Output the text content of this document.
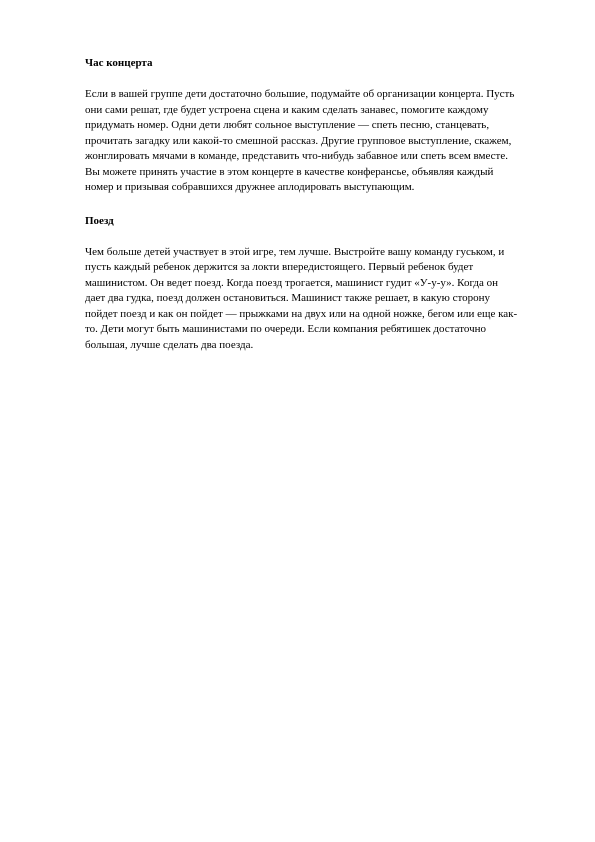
Час концерта

Если в вашей группе дети достаточно большие, подумайте об организации концерта. Пусть они сами решат, где будет устроена сцена и каким сделать занавес, помогите каждому придумать номер. Одни дети любят сольное выступление — спеть песню, станцевать, прочитать загадку или какой-то смешной рассказ. Другие групповое выступление, скажем, жонглировать мячами в команде, представить что-нибудь забавное или спеть всем вместе. Вы можете принять участие в этом концерте в качестве конферансье, объявляя каждый номер и призывая собравшихся дружнее аплодировать выступающим.

Поезд

Чем больше детей участвует в этой игре, тем лучше. Выстройте вашу команду гуськом, и пусть каждый ребенок держится за локти впередистоящего. Первый ребенок будет машинистом. Он ведет поезд. Когда поезд трогается, машинист гудит «У-у-у». Когда он дает два гудка, поезд должен остановиться. Машинист также решает, в какую сторону пойдет поезд и как он пойдет — прыжками на двух или на одной ножке, бегом или еще как-то. Дети могут быть машинистами по очереди. Если компания ребятишек достаточно большая, лучше сделать два поезда.
